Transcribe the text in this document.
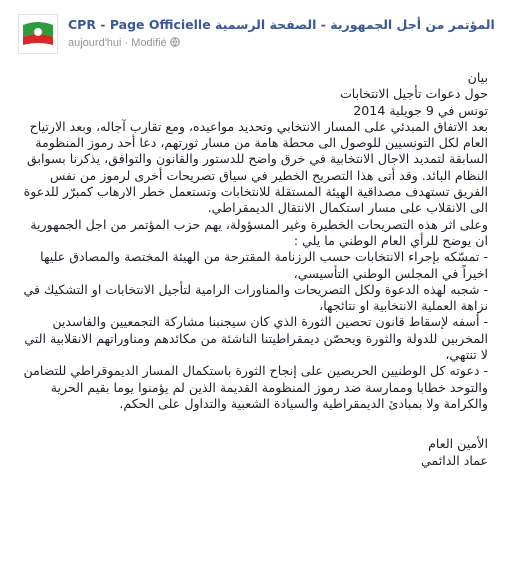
CPR - Page Officielle المؤتمر من أجل الجمهورية - الصفحة الرسمية
aujourd'hui · Modifié

بيان

حول دعوات تأجيل الانتخابات

تونس في 9 جويلية 2014

بعد الاتفاق المبدئي على المسار الانتخابي وتحديد مواعيده، ومع تقارب آجاله، وبعد الارتياح العام لكل التونسيين للوصول الى محطة هامة من مسار ثورتهم، دعا أحد رموز المنظومة السابقة لتمديد الاجال الانتخابية في خرق واضح للدستور والقانون والتوافق، يذكرنا بسوابق النظام البائد. وقد أتى هذا التصريح الخطير في سياق تصريحات أخرى لرموز من نفس الفريق تستهدف مصداقية الهيئة المستقلة للانتخابات وتستعمل خطر الارهاب كمبرّر للدعوة الى الانقلاب على مسار استكمال الانتقال الديمقراطي.

وعلى اثر هذه التصريحات الخطيرة وغير المسؤولة، يهم حزب المؤتمر من اجل الجمهورية ان يوضح للرأي العام الوطني ما يلي :

- تمسّكه بإجراء الانتخابات حسب الرزنامة المقترحة من الهيئة المختصة والمصادق عليها اخيراً في المجلس الوطني التأسيسي،

- شجبه لهذه الدعوة ولكل التصريحات والمناورات الرامية لتأجيل الانتخابات او التشكيك في نزاهة العملية الانتخابية او نتائجها،

- أسفه لإسقاط قانون تحصين الثورة الذي كان سيجنبنا مشاركة التجمعيين والفاسدين المخربين للدولة والثورة ويحصّن ديمقراطيتنا الناشئة من مكائدهم ومناوراتهم الانقلابية التي لا تنتهي،

- دعوته كل الوطنيين الحريصين على إنجاح الثورة باستكمال المسار الديموقراطي للتضامن والتوحد خطابا وممارسة ضد رموز المنظومة القديمة الذين لم يؤمنوا يوما بقيم الحرية والكرامة ولا بمبادئ الديمقراطية والسيادة الشعبية والتداول على الحكم.

الأمين العام

عماد الدائمي
